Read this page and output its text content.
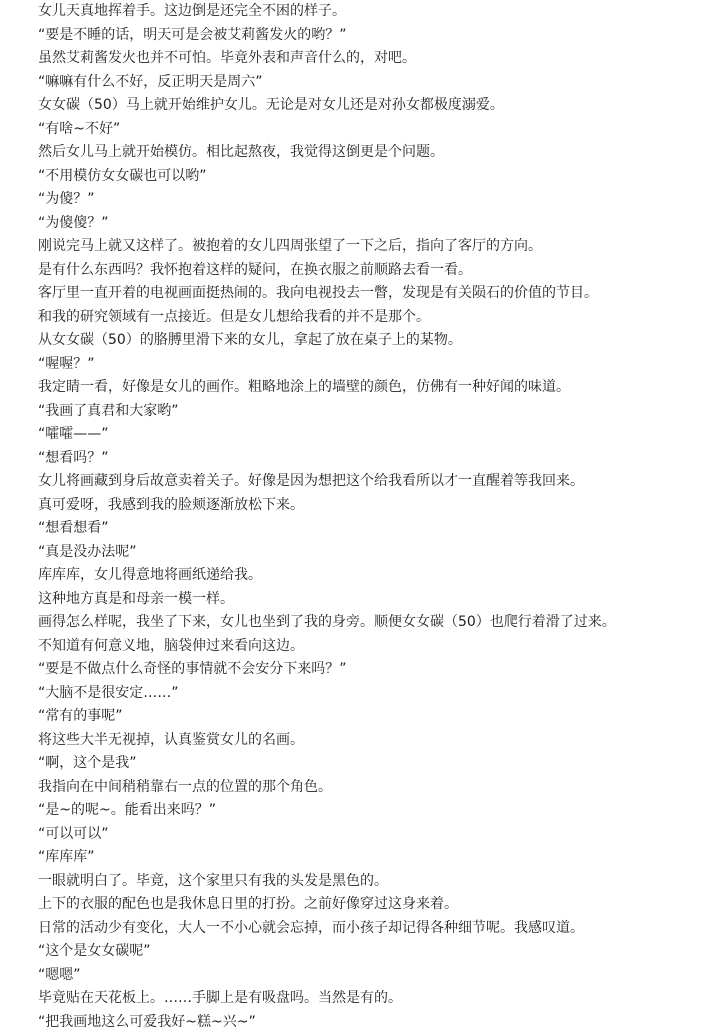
女儿天真地挥着手。这边倒是还完全不困的样子。
“要是不睡的话，明天可是会被艾莉酱发火的哟？”
虽然艾莉酱发火也并不可怕。毕竟外表和声音什么的，对吧。
“嘛嘛有什么不好，反正明天是周六”
女女碳（50）马上就开始维护女儿。无论是对女儿还是对孙女都极度溺爱。
“有啥~不好”
然后女儿马上就开始模仿。相比起熬夜，我觉得这倒更是个问题。
“不用模仿女女碳也可以哟”
“为傻？”
“为傻傻？”
刚说完马上就又这样了。被抱着的女儿四周张望了一下之后，指向了客厅的方向。
是有什么东西吗？我怀抱着这样的疑问，在换衣服之前顺路去看一看。
客厅里一直开着的电视画面挺热闹的。我向电视投去一瞥，发现是有关陨石的价值的节目。
和我的研究领域有一点接近。但是女儿想给我看的并不是那个。
从女女碳（50）的胳膊里滑下来的女儿，拿起了放在桌子上的某物。
“喔喔？”
我定睛一看，好像是女儿的画作。粗略地涂上的墙壁的颜色，仿佛有一种好闻的味道。
“我画了真君和大家哟”
“嚯嚯——”
“想看吗？”
女儿将画藏到身后故意卖着关子。好像是因为想把这个给我看所以才一直醒着等我回来。
真可爱呀，我感到我的脸颊逐渐放松下来。
“想看想看”
“真是没办法呢”
库库库，女儿得意地将画纸递给我。
这种地方真是和母亲一模一样。
画得怎么样呢，我坐了下来，女儿也坐到了我的身旁。顺便女女碳（50）也爬行着滑了过来。
不知道有何意义地，脑袋伸过来看向这边。
“要是不做点什么奇怪的事情就不会安分下来吗？”
“大脑不是很安定……”
“常有的事呢”
将这些大半无视掉，认真鉴赏女儿的名画。
“啊，这个是我”
我指向在中间稍稍靠右一点的位置的那个角色。
“是~的呢~。能看出来吗？”
“可以可以”
“库库库”
一眼就明白了。毕竟，这个家里只有我的头发是黑色的。
上下的衣服的配色也是我休息日里的打扮。之前好像穿过这身来着。
日常的活动少有变化，大人一不小心就会忘掉，而小孩子却记得各种细节呢。我感叹道。
“这个是女女碳呢”
“嗯嗯”
毕竟贴在天花板上。……手脚上是有吸盘吗。当然是有的。
“把我画地这么可爱我好~糕~兴~”
